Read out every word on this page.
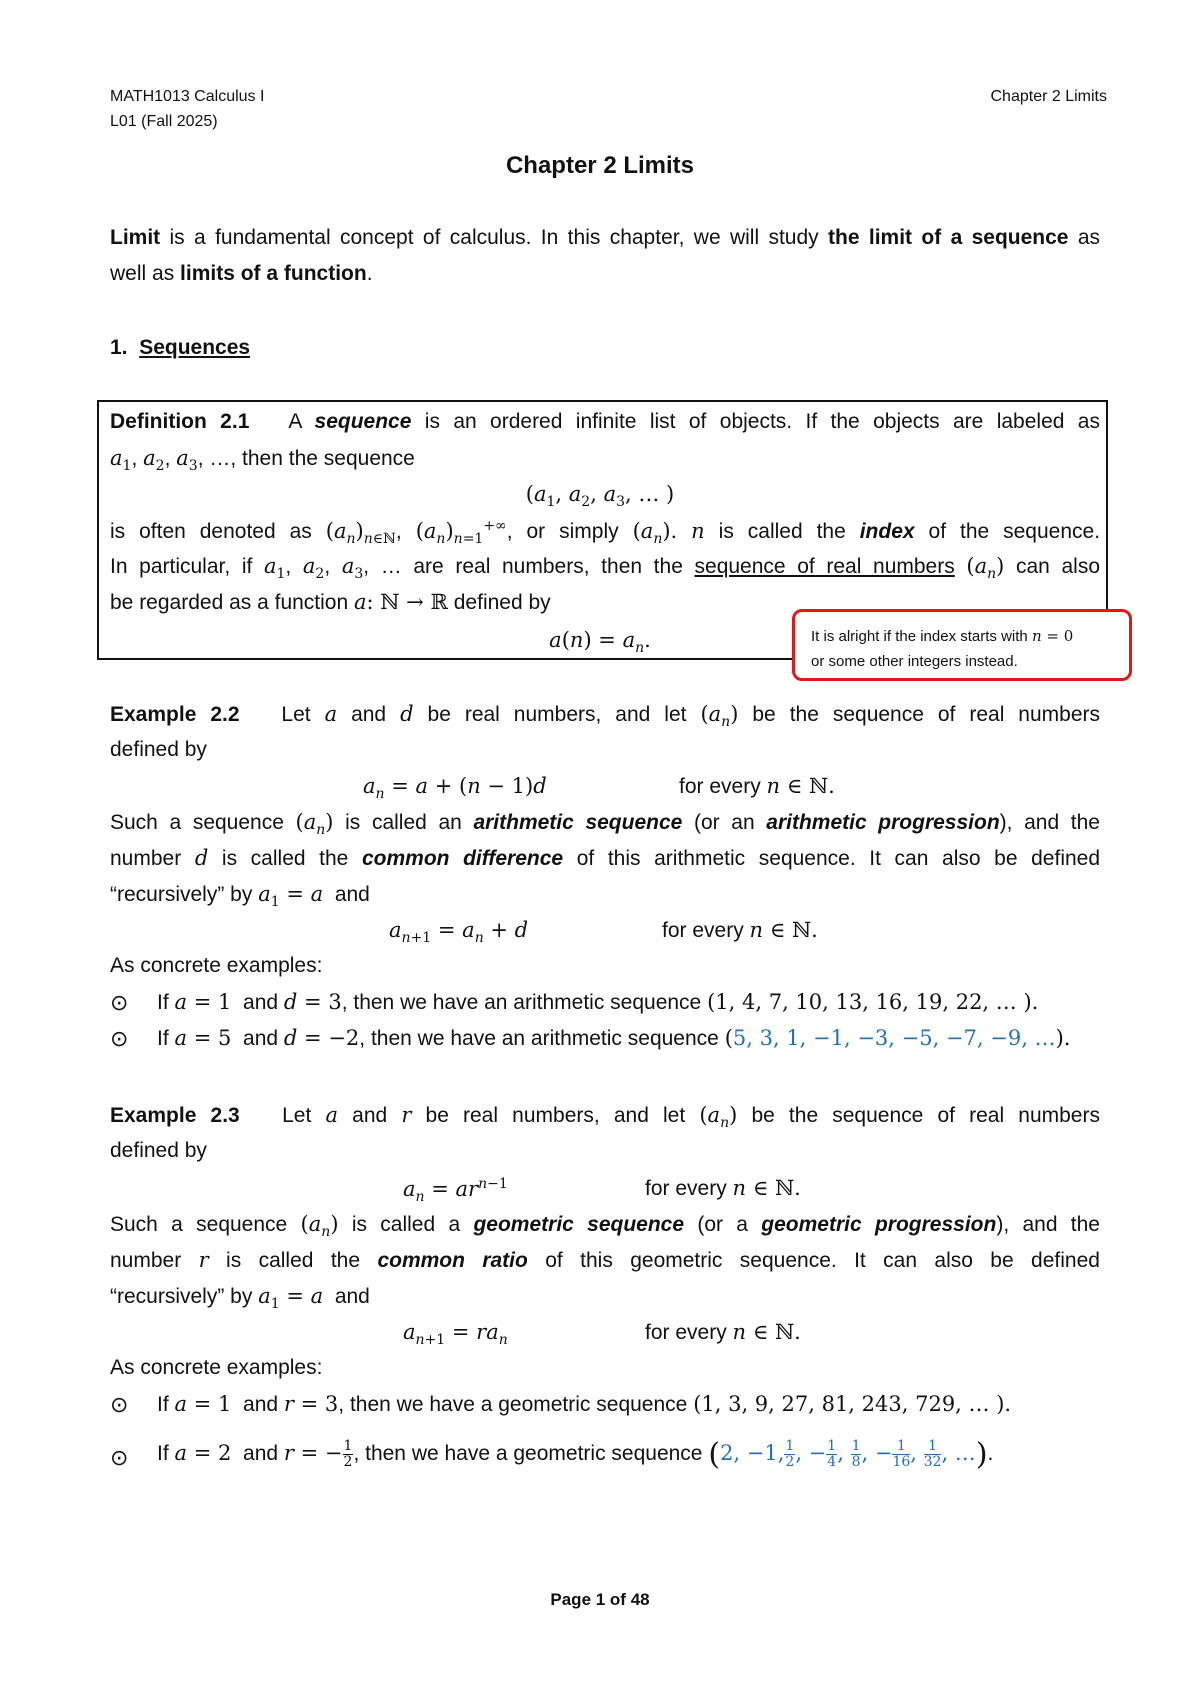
MATH1013 Calculus I
L01 (Fall 2025)
Chapter 2 Limits
Chapter 2 Limits
Limit is a fundamental concept of calculus. In this chapter, we will study the limit of a sequence as
well as limits of a function.
1. Sequences
Definition 2.1 A sequence is an ordered infinite list of objects. If the objects are labeled as
$a_1$, $a_2$, $a_3$, …, then the sequence
($a_1$, $a_2$, $a_3$, … )
is often denoted as $(a_n)_{n\in ℕ}$, $(a_n)_{n=1}^{+\infty}$, or simply $(a_n)$. n is called the index of the sequence.
In particular, if $a_1$, $a_2$, $a_3$, … are real numbers, then the sequence of real numbers $(a_n)$ can also
be regarded as a function a: ℕ → ℝ defined by
$a(n) = a_n$.	It is alright if the index starts with n = 0
or some other integers instead.
Example 2.2 Let a and d be real numbers, and let $(a_n)$ be the sequence of real numbers
defined by
$a_n = a + (n - 1)d$	for every n ∈ ℕ.
Such a sequence $(a_n)$ is called an arithmetic sequence (or an arithmetic progression), and the
number d is called the common difference of this arithmetic sequence. It can also be defined
“recursively” by $a_1 = a$ and
$a_{n+1} = a_n + d$	for every n ∈ ℕ.
As concrete examples:
⊙	If a = 1 and d = 3, then we have an arithmetic sequence (1, 4, 7, 10, 13, 16, 19, 22, … ).
⊙	If a = 5 and d = −2, then we have an arithmetic sequence (5, 3, 1, −1, −3, −5, −7, −9, …).
Example 2.3 Let a and r be real numbers, and let $(a_n)$ be the sequence of real numbers
defined by
$a_n = ar^{n-1}$	for every n ∈ ℕ.
Such a sequence $(a_n)$ is called a geometric sequence (or a geometric progression), and the
number r is called the common ratio of this geometric sequence. It can also be defined
“recursively” by $a_1 = a$ and
$a_{n+1} = ra_n$	for every n ∈ ℕ.
As concrete examples:
⊙	If a = 1 and r = 3, then we have a geometric sequence (1, 3, 9, 27, 81, 243, 729, … ).
⊙	If a = 2 and r = − $\frac{1}{2}$ , then we have a geometric sequence (2, −1, $\frac{1}{2}$ , − $\frac{1}{4}$ , $\frac{1}{8}$ , − $\frac{1}{16}$ , $\frac{1}{32}$ , …).
Page 1 of 48
